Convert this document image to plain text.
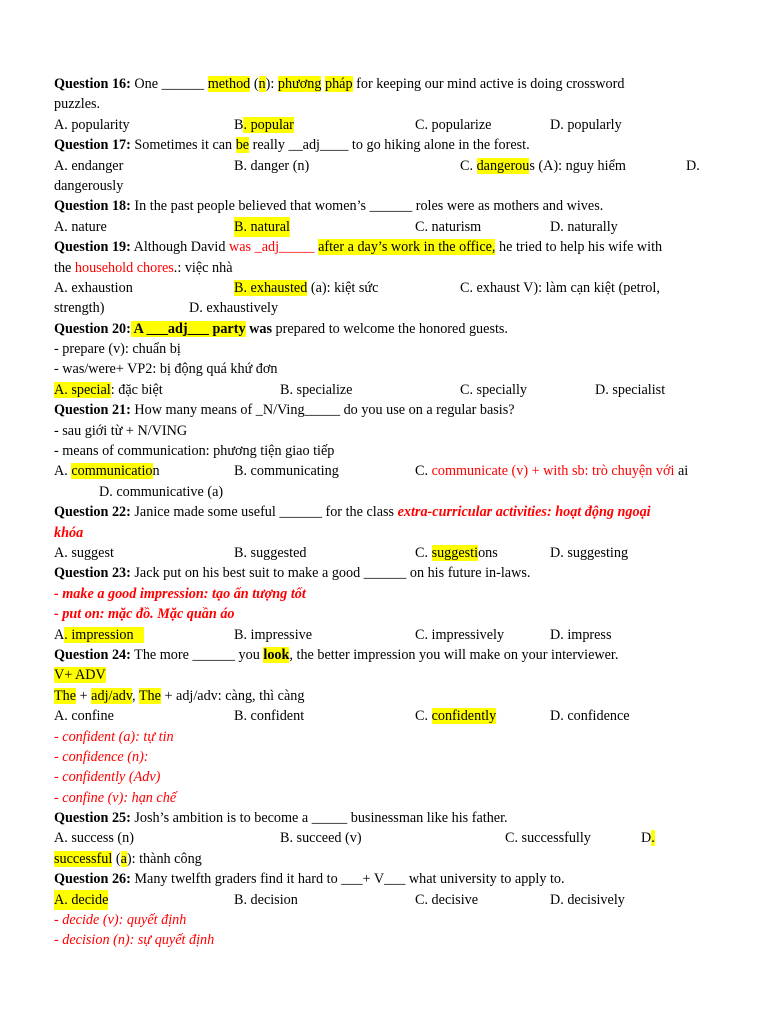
Question 16: One ______ method (n): phương pháp for keeping our mind active is doing crossword
puzzles.
A. popularity	B. popular	C. popularize	D. popularly
Question 17: Sometimes it can be really __adj____ to go hiking alone in the forest.
A. endanger	B. danger (n)	C. dangerous (A): nguy hiểm	D.
dangerously
Question 18: In the past people believed that women’s ______ roles were as mothers and wives.
A. nature	B. natural	C. naturism	D. naturally
Question 19: Although David was _adj_____ after a day’s work in the office, he tried to help his wife with
the household chores.: việc nhà
A. exhaustion	B. exhausted (a): kiệt sức	C. exhaust V): làm cạn kiệt (petrol,
strength)	D. exhaustively
Question 20: A ___adj___ party was prepared to welcome the honored guests.
- prepare (v): chuẩn bị
- was/were+ VP2: bị động quá khứ đơn
A. special: đặc biệt	B. specialize	C. specially	D. specialist
Question 21: How many means of _N/Ving_____ do you use on a regular basis?
- sau giới từ + N/VING
- means of communication: phương tiện giao tiếp
A. communication	B. communicating	C. communicate (v) + with sb: trò chuyện với ai
D. communicative (a)
Question 22: Janice made some useful ______ for the class extra-curricular activities: hoạt động ngoại
khóa
A. suggest	B. suggested	C. suggestions	D. suggesting
Question 23: Jack put on his best suit to make a good ______ on his future in-laws.
- make a good impression: tạo ấn tượng tốt
- put on: mặc đồ. Mặc quần áo
A. impression	B. impressive	C. impressively	D. impress
Question 24: The more ______ you look, the better impression you will make on your interviewer.
V+ ADV
The + adj/adv, The + adj/adv: càng, thì càng
A. confine	B. confident	C. confidently	D. confidence
- confident (a): tự tin
- confidence (n):
- confidently (Adv)
- confine (v): hạn chế
Question 25: Josh’s ambition is to become a _____ businessman like his father.
A. success (n)	B. succeed (v)	C. successfully	D.
successful (a): thành công
Question 26: Many twelfth graders find it hard to ___+ V___ what university to apply to.
A. decide	B. decision	C. decisive	D. decisively
- decide (v): quyết định
- decision (n): sự quyết định
